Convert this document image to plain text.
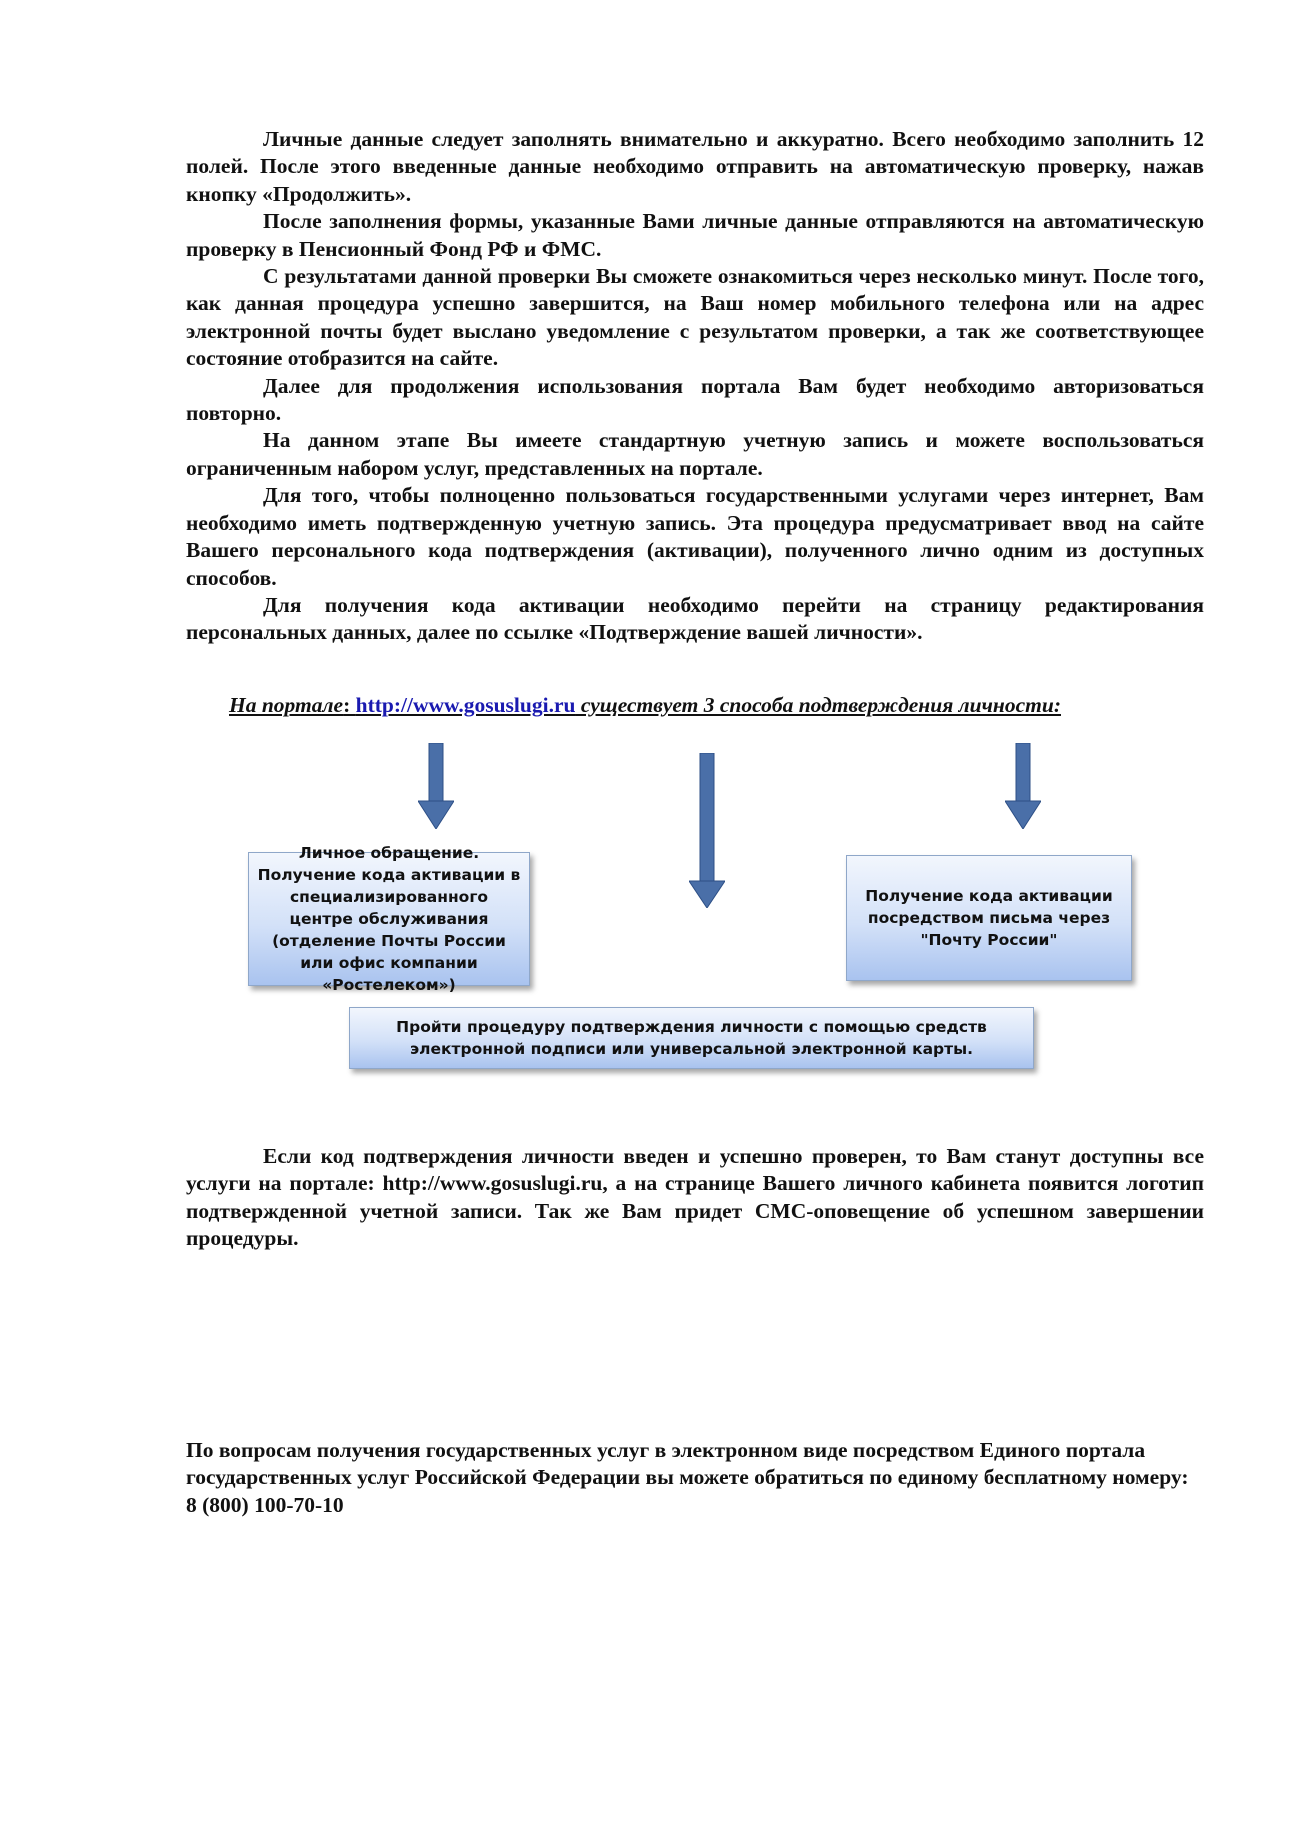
Личные данные следует заполнять внимательно и аккуратно. Всего необходимо заполнить 12 полей. После этого введенные данные необходимо отправить на автоматическую проверку, нажав кнопку «Продолжить».

После заполнения формы, указанные Вами личные данные отправляются на автоматическую проверку в Пенсионный Фонд РФ и ФМС.

С результатами данной проверки Вы сможете ознакомиться через несколько минут. После того, как данная процедура успешно завершится, на Ваш номер мобильного телефона или на адрес электронной почты будет выслано уведомление с результатом проверки, а так же соответствующее состояние отобразится на сайте.

Далее для продолжения использования портала Вам будет необходимо авторизоваться повторно.

На данном этапе Вы имеете стандартную учетную запись и можете воспользоваться ограниченным набором услуг, представленных на портале.

Для того, чтобы полноценно пользоваться государственными услугами через интернет, Вам необходимо иметь подтвержденную учетную запись. Эта процедура предусматривает ввод на сайте Вашего персонального кода подтверждения (активации), полученного лично одним из доступных способов.

Для получения кода активации необходимо перейти на страницу редактирования персональных данных, далее по ссылке «Подтверждение вашей личности».

На портале: http://www.gosuslugi.ru существует 3 способа подтверждения личности:
Личное обращение. Получение кода активации в специализированного центре обслуживания (отделение Почты России или офис компании «Ростелеком»)
Получение кода активации посредством письма через "Почту России"
Пройти процедуру подтверждения личности с помощью средств электронной подписи или универсальной электронной карты.

Если код подтверждения личности введен и успешно проверен, то Вам станут доступны все услуги на портале: http://www.gosuslugi.ru, а на странице Вашего личного кабинета появится логотип подтвержденной учетной записи. Так же Вам придет СМС-оповещение об успешном завершении процедуры.

По вопросам получения государственных услуг в электронном виде посредством Единого портала государственных услуг Российской Федерации вы можете обратиться по единому бесплатному номеру: 8 (800) 100-70-10
